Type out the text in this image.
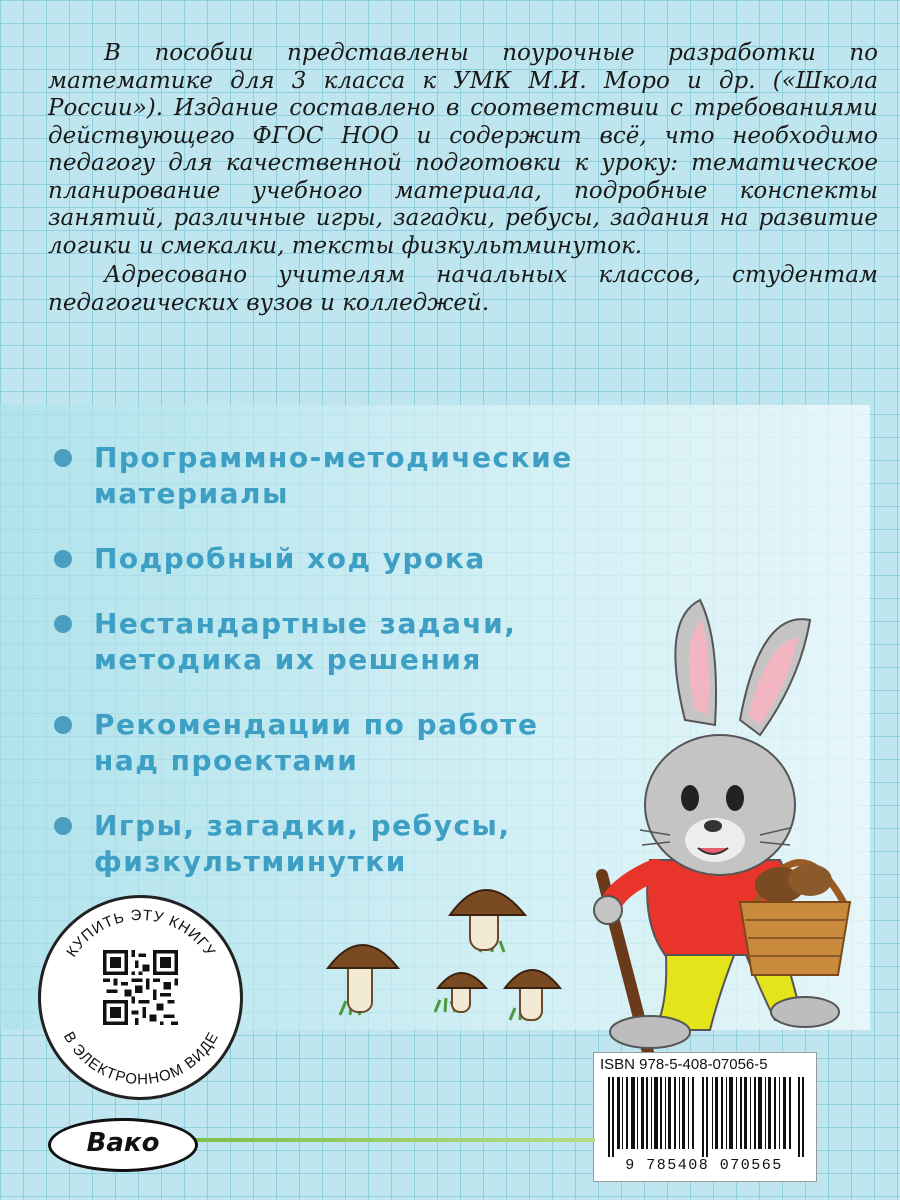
В пособии представлены поурочные разработки по математике для 3 класса к УМК М.И. Моро и др. («Школа России»). Издание составлено в соответствии с требованиями действующего ФГОС НОО и содержит всё, что необходимо педагогу для качественной подготовки к уроку: тематическое планирование учебного материала, подробные конспекты занятий, различные игры, загадки, ребусы, задания на развитие логики и смекалки, тексты физкультминуток.

Адресовано учителям начальных классов, студентам педагогических вузов и колледжей.

Программно-методические
материалы
Подробный ход урока
Нестандартные задачи,
методика их решения
Рекомендации по работе
над проектами
Игры, загадки, ребусы,
физкультминутки
КУПИТЬ ЭТУ КНИГУ
В ЭЛЕКТРОННОМ ВИДЕ
ISBN 978-5-408-07056-5
9 785408 070565
Вако
